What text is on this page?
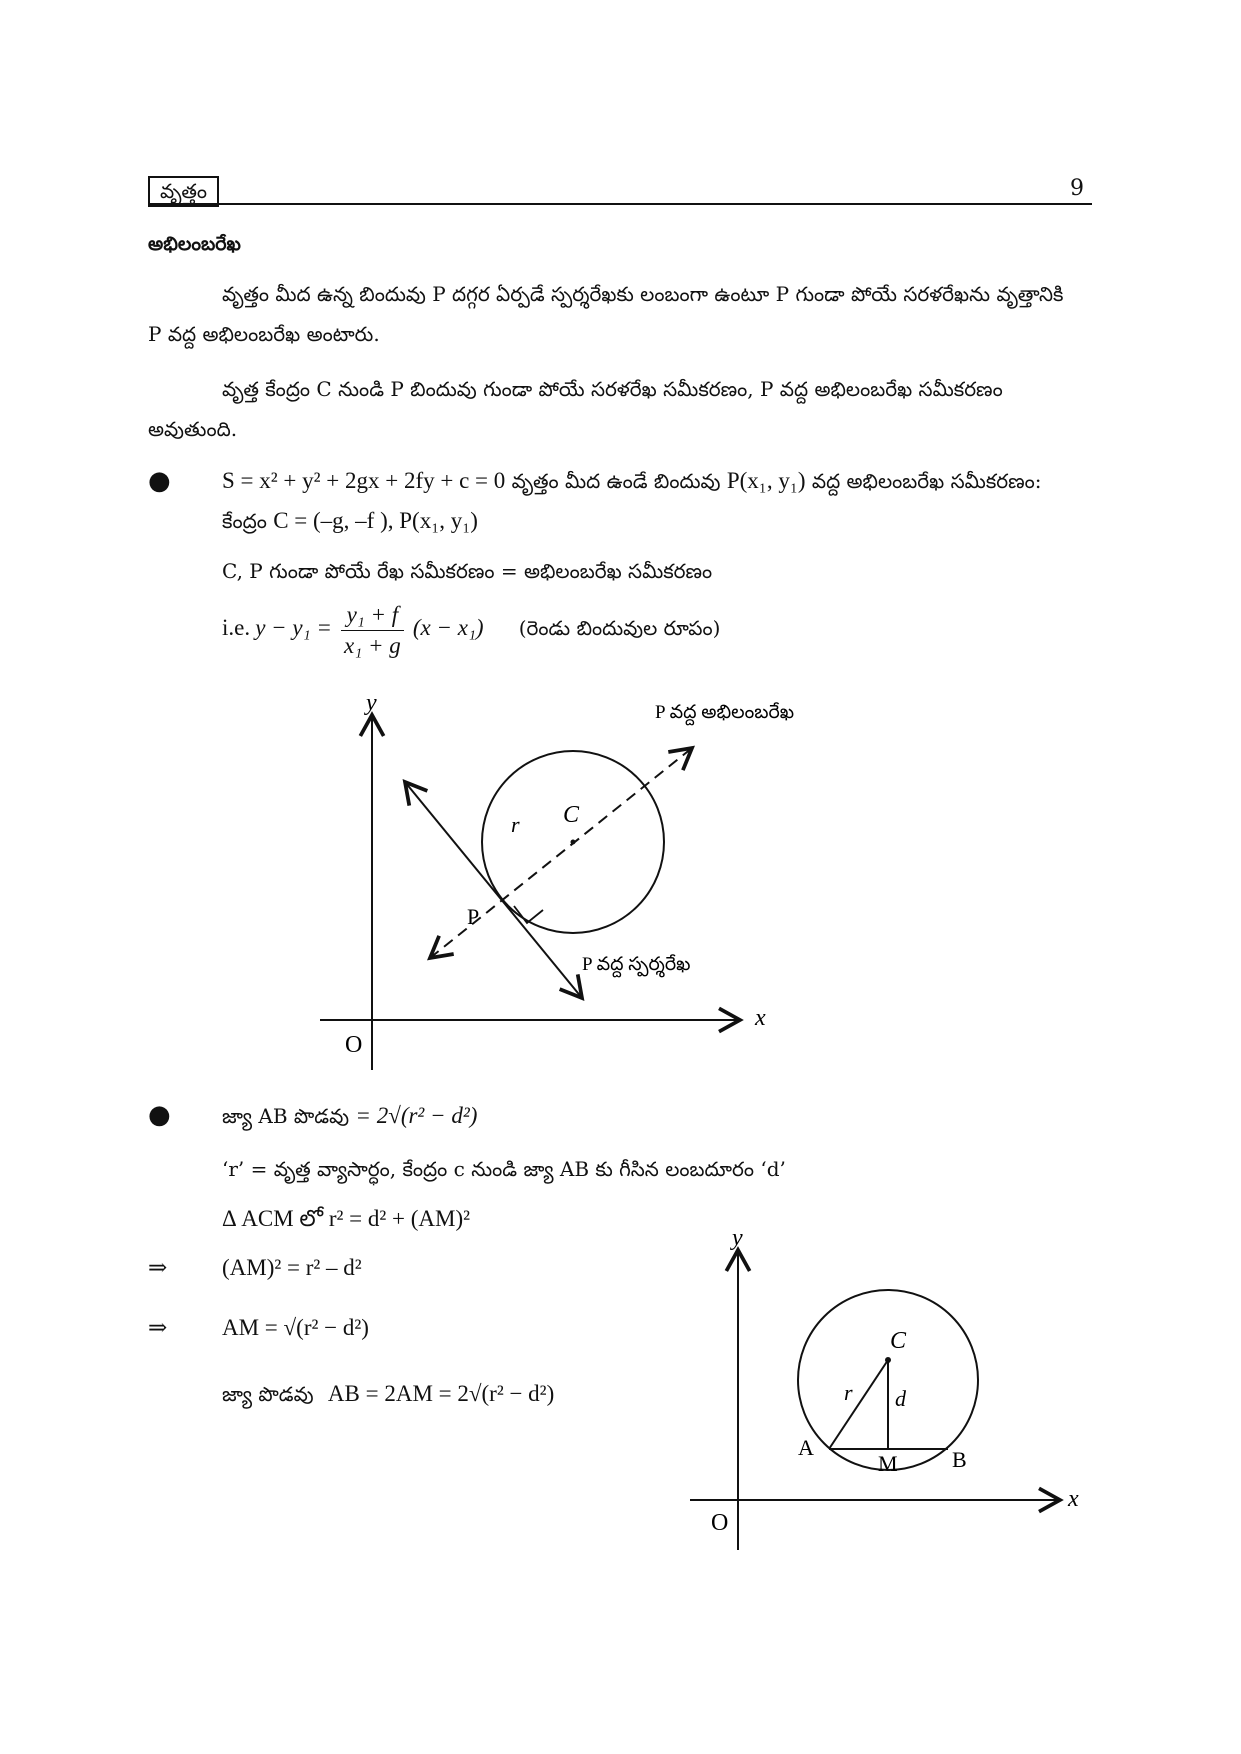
వృత్తం	9
అభిలంబరేఖ
వృత్తం మీద ఉన్న బిందువు P దగ్గర ఏర్పడే స్పర్శరేఖకు లంబంగా ఉంటూ P గుండా పోయే సరళరేఖను వృత్తానికి
P వద్ద అభిలంబరేఖ అంటారు.
వృత్త కేంద్రం C నుండి P బిందువు గుండా పోయే సరళరేఖ సమీకరణం, P వద్ద అభిలంబరేఖ సమీకరణం
అవుతుంది.
● S = x² + y² + 2gx + 2fy + c = 0 వృత్తం మీద ఉండే బిందువు P(x₁, y₁) వద్ద అభిలంబరేఖ సమీకరణం:
కేంద్రం C = (–g, –f ), P(x₁, y₁)
C, P గుండా పోయే రేఖ సమీకరణం = అభిలంబరేఖ సమీకరణం
i.e. $y - y_1 = \frac{\text{y₁ + f}}{\text{x₁ + g}} (x - x_1)$ (రెండు బిందువుల రూపం)
y
x
O
C
r
P
P వద్ద అభిలంబరేఖ
P వద్ద స్పర్శరేఖ
●	జ్యా AB పొడవు = 2√(r² − d²)
‘r’ = వృత్త వ్యాసార్ధం, కేంద్రం c నుండి జ్యా AB కు గీసిన లంబదూరం ‘d’
Δ ACM లో r² = d² + (AM)²
⇒ (AM)² = r² – d²
⇒ AM = √(r² − d²)
జ్యా పొడవు AB = 2AM = 2√(r² − d²)
y
x
O
C
r d
A
M B
